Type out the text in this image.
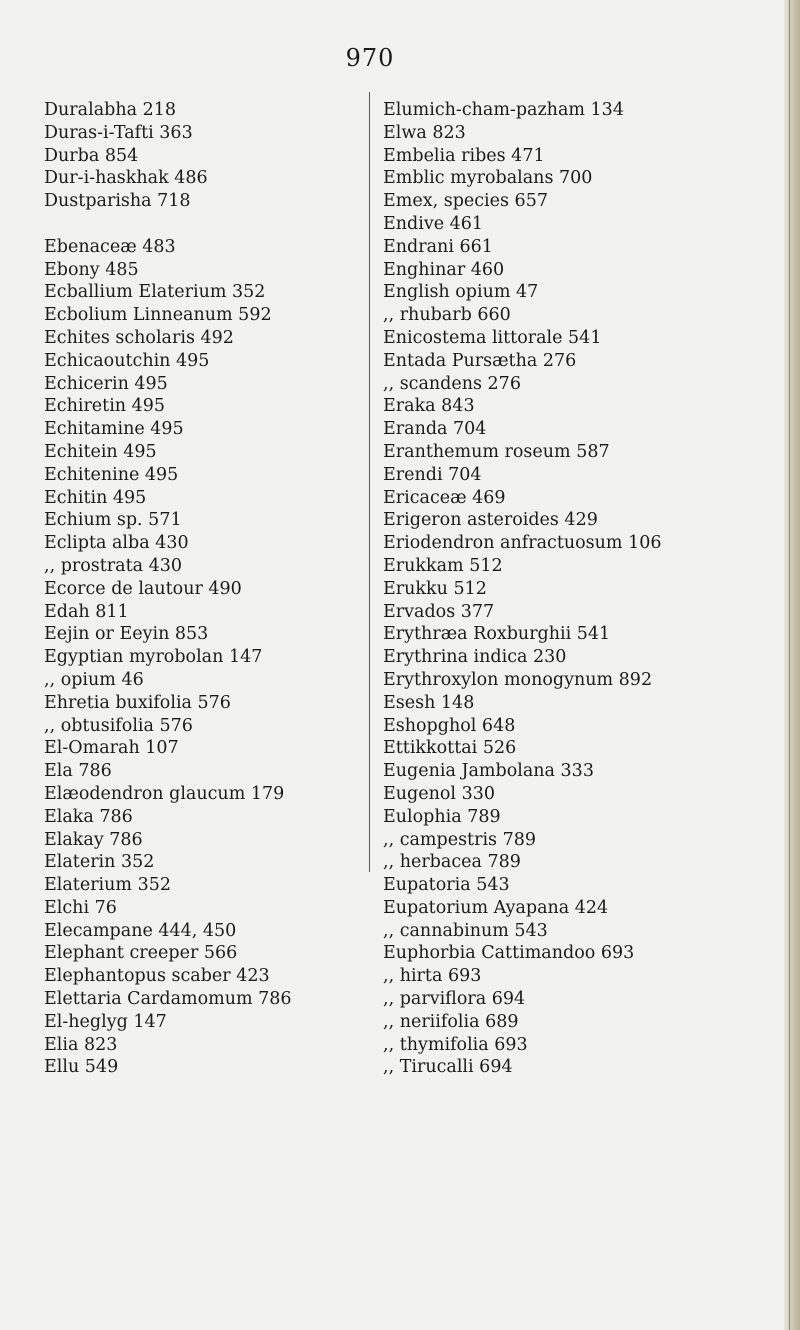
970
Duralabha 218
Duras-i-Tafti 363
Durba 854
Dur-i-haskhak 486
Dustparisha 718
Ebenaceæ 483
Ebony 485
Ecballium Elaterium 352
Ecbolium Linneanum 592
Echites scholaris 492
Echicaoutchin 495
Echicerin 495
Echiretin 495
Echitamine 495
Echitein 495
Echitenine 495
Echitin 495
Echium sp. 571
Eclipta alba 430
,, prostrata 430
Ecorce de lautour 490
Edah 811
Eejin or Eeyin 853
Egyptian myrobolan 147
,, opium 46
Ehretia buxifolia 576
,, obtusifolia 576
El-Omarah 107
Ela 786
Elæodendron glaucum 179
Elaka 786
Elakay 786
Elaterin 352
Elaterium 352
Elchi 76
Elecampane 444, 450
Elephant creeper 566
Elephantopus scaber 423
Elettaria Cardamomum 786
El-heglyg 147
Elia 823
Ellu 549
Elumich-cham-pazham 134
Elwa 823
Embelia ribes 471
Emblic myrobalans 700
Emex, species 657
Endive 461
Endrani 661
Enghinar 460
English opium 47
,, rhubarb 660
Enicostema littorale 541
Entada Pursætha 276
,, scandens 276
Eraka 843
Eranda 704
Eranthemum roseum 587
Erendi 704
Ericaceæ 469
Erigeron asteroides 429
Eriodendron anfractuosum 106
Erukkam 512
Erukku 512
Ervados 377
Erythræa Roxburghii 541
Erythrina indica 230
Erythroxylon monogynum 892
Esesh 148
Eshopghol 648
Ettikkottai 526
Eugenia Jambolana 333
Eugenol 330
Eulophia 789
,, campestris 789
,, herbacea 789
Eupatoria 543
Eupatorium Ayapana 424
,, cannabinum 543
Euphorbia Cattimandoo 693
,, hirta 693
,, parviflora 694
,, neriifolia 689
,, thymifolia 693
,, Tirucalli 694
